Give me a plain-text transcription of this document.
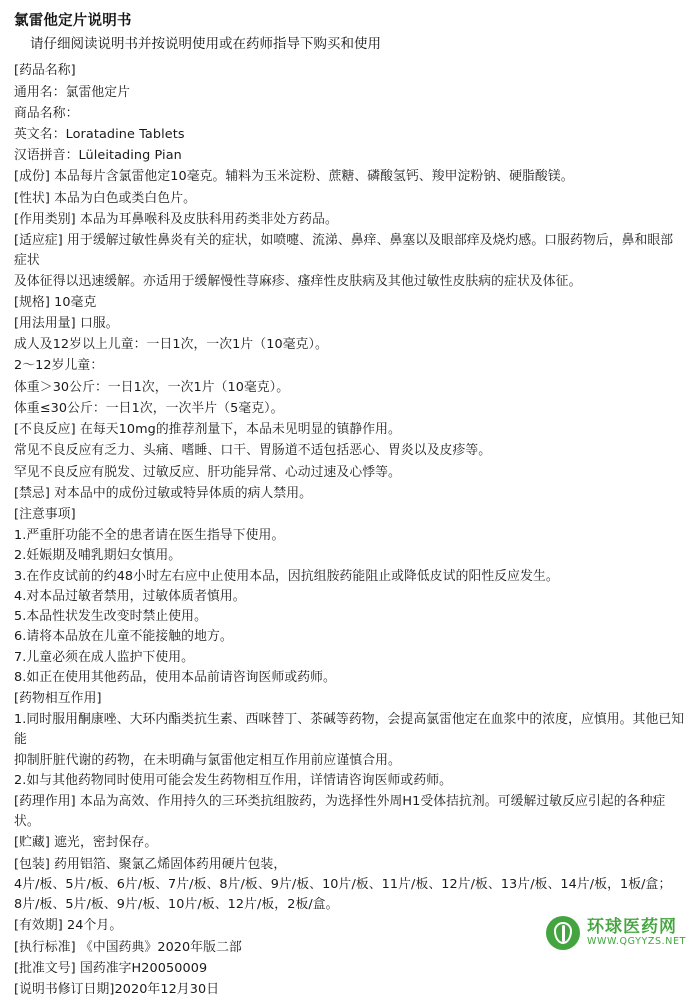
氯雷他定片说明书
请仔细阅读说明书并按说明使用或在药师指导下购买和使用

[药品名称]

通用名：氯雷他定片

商品名称：

英文名：Loratadine Tablets

汉语拼音：Lüleitading Pian

[成份] 本品每片含氯雷他定10毫克。辅料为玉米淀粉、蔗糖、磷酸氢钙、羧甲淀粉钠、硬脂酸镁。

[性状] 本品为白色或类白色片。

[作用类别] 本品为耳鼻喉科及皮肤科用药类非处方药品。

[适应症] 用于缓解过敏性鼻炎有关的症状，如喷嚏、流涕、鼻痒、鼻塞以及眼部痒及烧灼感。口服药物后，鼻和眼部症状

及体征得以迅速缓解。亦适用于缓解慢性荨麻疹、瘙痒性皮肤病及其他过敏性皮肤病的症状及体征。

[规格] 10毫克

[用法用量] 口服。

成人及12岁以上儿童：一日1次，一次1片（10毫克）。

2～12岁儿童：

体重＞30公斤：一日1次，一次1片（10毫克）。

体重≤30公斤：一日1次，一次半片（5毫克）。

[不良反应] 在每天10mg的推荐剂量下，本品未见明显的镇静作用。

常见不良反应有乏力、头痛、嗜睡、口干、胃肠道不适包括恶心、胃炎以及皮疹等。

罕见不良反应有脱发、过敏反应、肝功能异常、心动过速及心悸等。

[禁忌] 对本品中的成份过敏或特异体质的病人禁用。

[注意事项]

1.严重肝功能不全的患者请在医生指导下使用。

2.妊娠期及哺乳期妇女慎用。

3.在作皮试前的约48小时左右应中止使用本品，因抗组胺药能阻止或降低皮试的阳性反应发生。

4.对本品过敏者禁用，过敏体质者慎用。

5.本品性状发生改变时禁止使用。

6.请将本品放在儿童不能接触的地方。

7.儿童必须在成人监护下使用。

8.如正在使用其他药品，使用本品前请咨询医师或药师。

[药物相互作用]

1.同时服用酮康唑、大环内酯类抗生素、西咪替丁、茶碱等药物，会提高氯雷他定在血浆中的浓度，应慎用。其他已知能

抑制肝脏代谢的药物，在未明确与氯雷他定相互作用前应谨慎合用。

2.如与其他药物同时使用可能会发生药物相互作用，详情请咨询医师或药师。

[药理作用] 本品为高效、作用持久的三环类抗组胺药，为选择性外周H1受体拮抗剂。可缓解过敏反应引起的各种症状。

[贮藏] 遮光，密封保存。

[包装] 药用铝箔、聚氯乙烯固体药用硬片包装，

4片/板、5片/板、6片/板、7片/板、8片/板、9片/板、10片/板、11片/板、12片/板、13片/板、14片/板，1板/盒；

8片/板、5片/板、9片/板、10片/板、12片/板，2板/盒。

[有效期] 24个月。

[执行标准] 《中国药典》2020年版二部

[批准文号] 国药准字H20050009

[说明书修订日期]2020年12月30日

环球医药网
WWW.QGYYZS.NET
